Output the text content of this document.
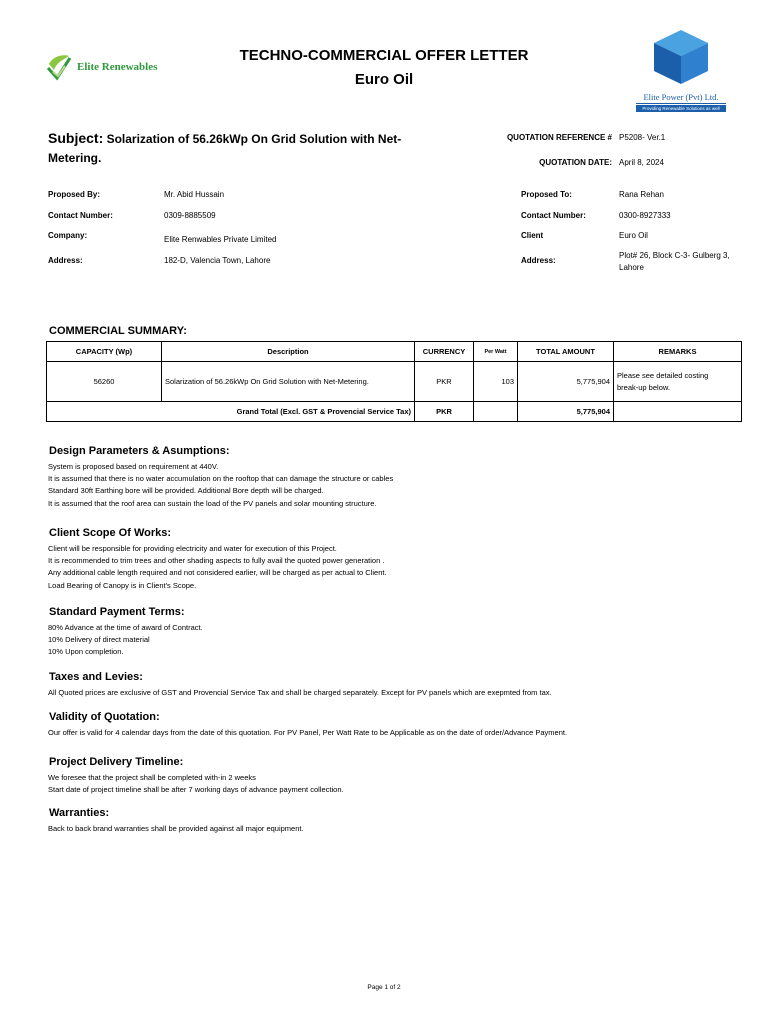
Elite Renewables
TECHNO-COMMERCIAL OFFER LETTER
Euro Oil
Elite Power (Pvt) Ltd.
Providing Renewable Solutions as well
Subject: Solarization of 56.26kWp On Grid Solution with Net-
Metering.
QUOTATION REFERENCE # P5208- Ver.1
QUOTATION DATE: April 8, 2024
Proposed By:	Mr. Abid Hussain
Contact Number:	0309-8885509
Company:	Elite Renwables Private Limited
Address:	182-D, Valencia Town, Lahore
Proposed To:	Rana Rehan
Contact Number:	0300-8927333
Client	Euro Oil
Address:
Plot# 26, Block C-3- Gulberg 3,
Lahore
COMMERCIAL SUMMARY:
CAPACITY (Wp)	Description	CURRENCY	Per Watt	TOTAL AMOUNT	REMARKS
56260	Solarization of 56.26kWp On Grid Solution with Net-Metering.	PKR	103	5,775,904	Please see detailed costing
break-up below.
Grand Total (Excl. GST & Provencial Service Tax)		PKR		5,775,904	
Design Parameters & Asumptions:
System is proposed based on requirement at 440V.
It is assumed that there is no water accumulation on the rooftop that can damage the structure or cables
Standard 30ft Earthing bore will be provided. Additional Bore depth will be charged.
It is assumed that the roof area can sustain the load of the PV panels and solar mounting structure.
Client Scope Of Works:
Client will be responsible for providing electricity and water for execution of this Project.
It is recommended to trim trees and other shading aspects to fully avail the quoted power generation .
Any additional cable length required and not considered earlier, will be charged as per actual to Client.
Load Bearing of Canopy is in Client's Scope.
Standard Payment Terms:
80% Advance at the time of award of Contract.
10% Delivery of direct material
10% Upon completion.
Taxes and Levies:
All Quoted prices are exclusive of GST and Provencial Service Tax and shall be charged separately. Except for PV panels which are exepmted from tax.
Validity of Quotation:
Our offer is valid for 4 calendar days from the date of this quotation. For PV Panel, Per Watt Rate to be Applicable as on the date of order/Advance Payment.
Project Delivery Timeline:
We foresee that the project shall be completed with-in 2 weeks
Start date of project timeline shall be after 7 working days of advance payment collection.
Warranties:
Back to back brand warranties shall be provided against all major equipment.
Page 1 of 2
